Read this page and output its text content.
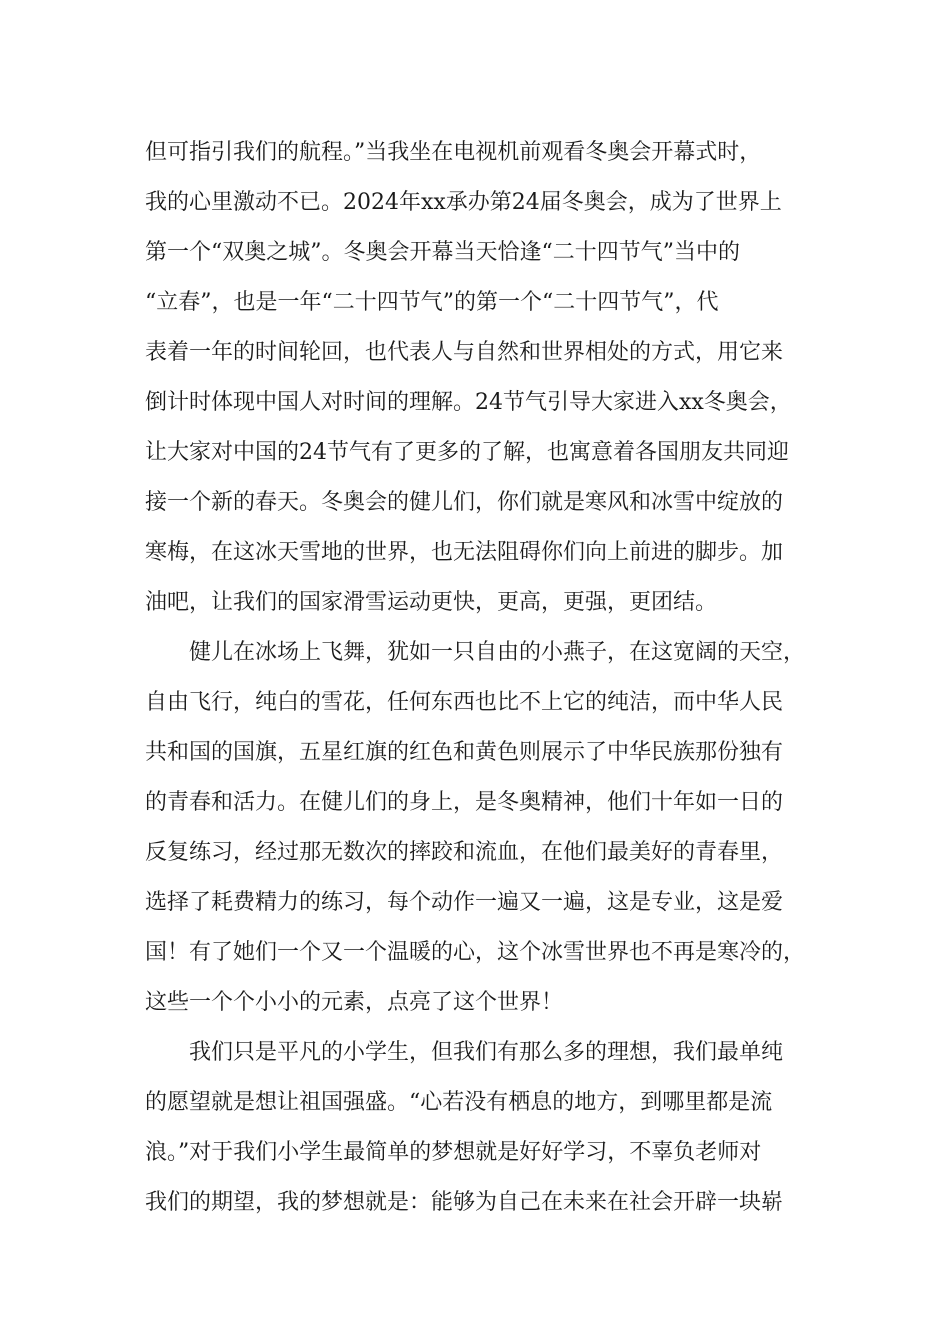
但可指引我们的航程。”当我坐在电视机前观看冬奥会开幕式时，
我的心里激动不已。2024年xx承办第24届冬奥会，成为了世界上
第一个“双奥之城”。冬奥会开幕当天恰逢“二十四节气”当中的
“立春”，也是一年“二十四节气”的第一个“二十四节气”，代
表着一年的时间轮回，也代表人与自然和世界相处的方式，用它来
倒计时体现中国人对时间的理解。24节气引导大家进入xx冬奥会，
让大家对中国的24节气有了更多的了解，也寓意着各国朋友共同迎
接一个新的春天。冬奥会的健儿们，你们就是寒风和冰雪中绽放的
寒梅，在这冰天雪地的世界，也无法阻碍你们向上前进的脚步。加
油吧，让我们的国家滑雪运动更快，更高，更强，更团结。
健儿在冰场上飞舞，犹如一只自由的小燕子，在这宽阔的天空，
自由飞行，纯白的雪花，任何东西也比不上它的纯洁，而中华人民
共和国的国旗，五星红旗的红色和黄色则展示了中华民族那份独有
的青春和活力。在健儿们的身上，是冬奥精神，他们十年如一日的
反复练习，经过那无数次的摔跤和流血，在他们最美好的青春里，
选择了耗费精力的练习，每个动作一遍又一遍，这是专业，这是爱
国！有了她们一个又一个温暖的心，这个冰雪世界也不再是寒冷的，
这些一个个小小的元素，点亮了这个世界！
我们只是平凡的小学生，但我们有那么多的理想，我们最单纯
的愿望就是想让祖国强盛。“心若没有栖息的地方，到哪里都是流
浪。”对于我们小学生最简单的梦想就是好好学习，不辜负老师对
我们的期望，我的梦想就是：能够为自己在未来在社会开辟一块崭
